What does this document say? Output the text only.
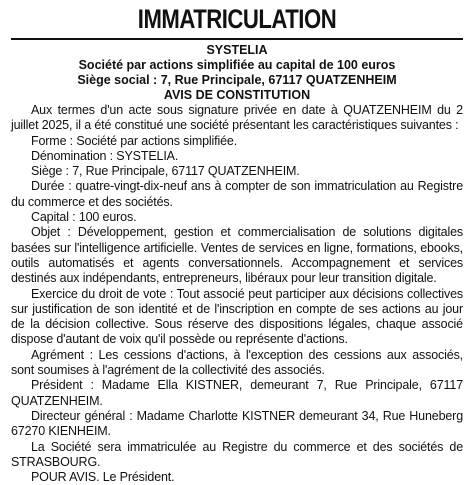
IMMATRICULATION
SYSTELIA
Société par actions simplifiée au capital de 100 euros
Siège social : 7, Rue Principale, 67117 QUATZENHEIM
AVIS DE CONSTITUTION

Aux termes d'un acte sous signature privée en date à QUATZENHEIM du 2 juillet 2025, il a été constitué une société présentant les caractéristiques suivantes :

Forme : Société par actions simplifiée.

Dénomination : SYSTELIA.

Siège : 7, Rue Principale, 67117 QUATZENHEIM.

Durée : quatre-vingt-dix-neuf ans à compter de son immatriculation au Registre du commerce et des sociétés.

Capital : 100 euros.

Objet : Développement, gestion et commercialisation de solutions digitales basées sur l'intelligence artificielle. Ventes de services en ligne, formations, ebooks, outils automatisés et agents conversationnels. Accompagnement et services destinés aux indépendants, entrepreneurs, libéraux pour leur transition digitale.

Exercice du droit de vote : Tout associé peut participer aux décisions collectives sur justification de son identité et de l'inscription en compte de ses actions au jour de la décision collective. Sous réserve des dispositions légales, chaque associé dispose d'autant de voix qu'il possède ou représente d'actions.

Agrément : Les cessions d'actions, à l'exception des cessions aux associés, sont soumises à l'agrément de la collectivité des associés.

Président : Madame Ella KISTNER, demeurant 7, Rue Principale, 67117 QUATZENHEIM.

Directeur général : Madame Charlotte KISTNER demeurant 34, Rue Huneberg 67270 KIENHEIM.

La Société sera immatriculée au Registre du commerce et des sociétés de STRASBOURG.

POUR AVIS. Le Président.
